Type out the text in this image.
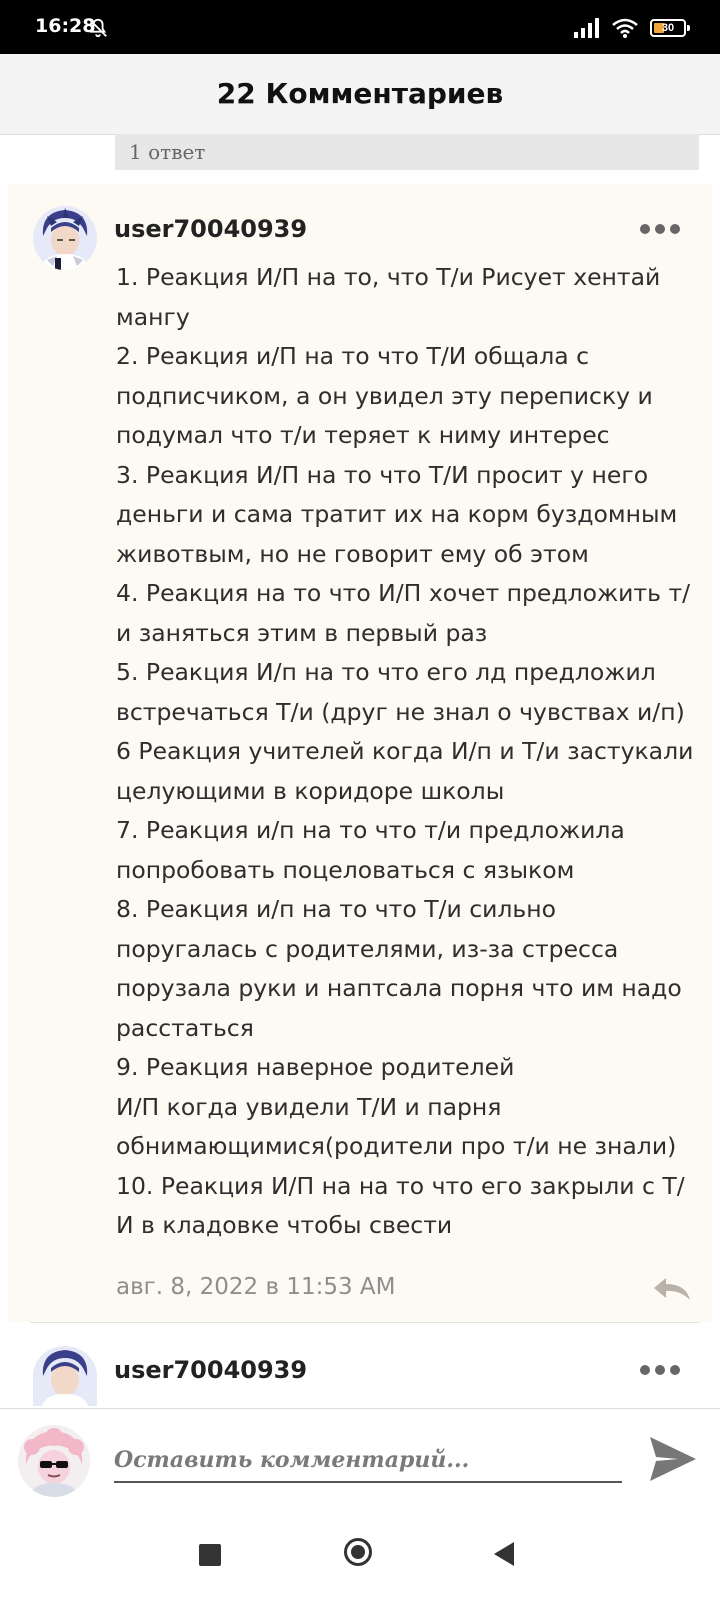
16:28	30
22 Комментариев
1 ответ
user70040939
1. Реакция И/П на то, что Т/и Рисует хентай мангу
2. Реакция и/П на то что Т/И общала с подписчиком, а он увидел эту переписку и подумал что т/и теряет к ниму интерес
3. Реакция И/П на то что Т/И просит у него деньги и сама тратит их на корм буздомным животвым, но не говорит ему об этом
4. Реакция на то что И/П хочет предложить т/и заняться этим в первый раз
5. Реакция И/п на то что его лд предложил встречаться Т/и (друг не знал о чувствах и/п)
6 Реакция учителей когда И/п и Т/и застукали целующими в коридоре школы
7. Реакция и/п на то что т/и предложила попробовать поцеловаться с языком
8. Реакция и/п на то что Т/и сильно поругалась с родителями, из-за стресса порузала руки и наптсала порня что им надо расстаться
9. Реакция наверное родителей
И/П когда увидели Т/И и парня обнимающимися(родители про т/и не знали)
10. Реакция И/П на на то что его закрыли с Т/И в кладовке чтобы свести
авг. 8, 2022 в 11:53 AM
user70040939
Оставить комментарий...
